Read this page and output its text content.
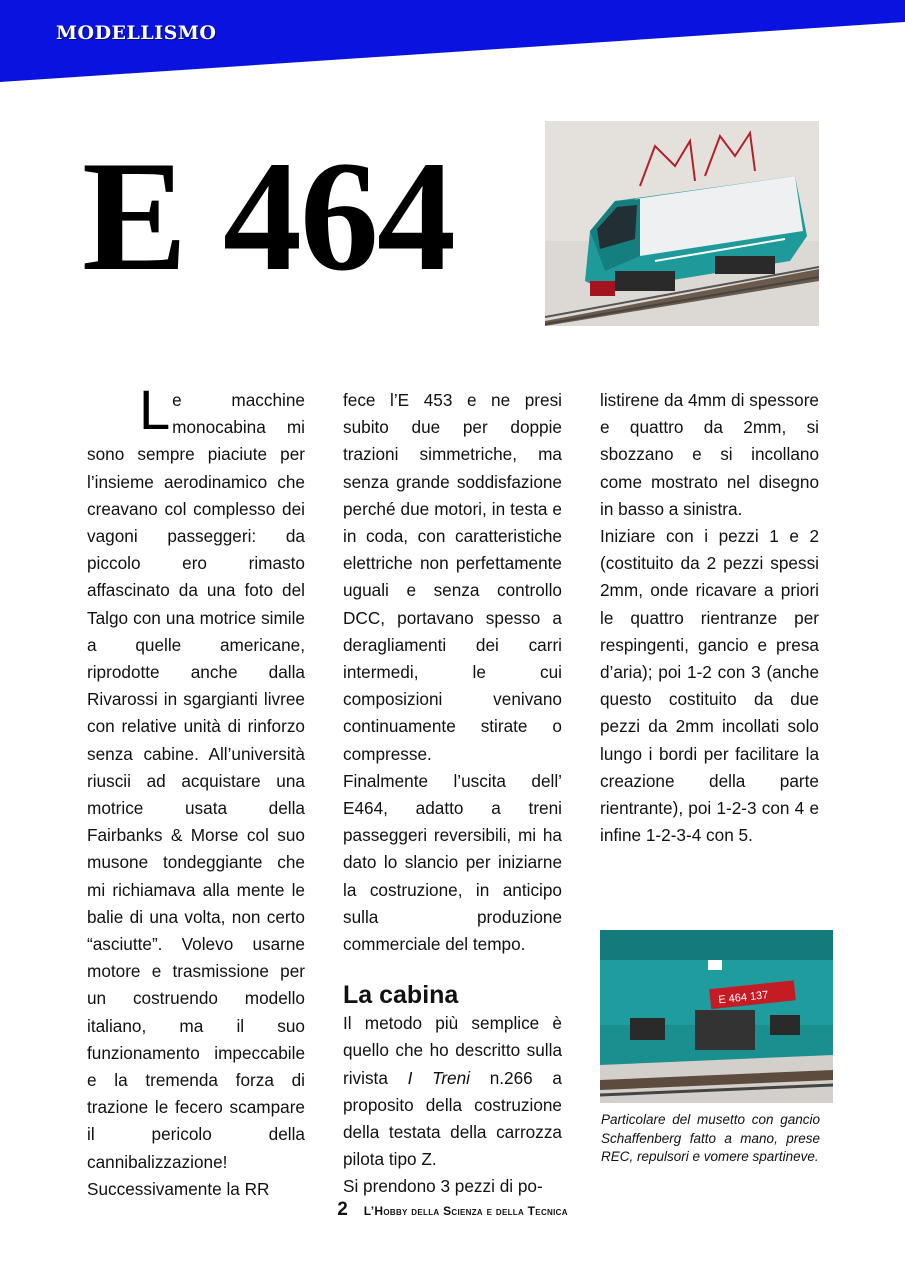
MODELLISMO
E 464

Le macchine monocabina mi sono sempre piaciute per l’insieme aerodinamico che creavano col complesso dei vagoni passeggeri: da piccolo ero rimasto affascinato da una foto del Talgo con una motrice simile a quelle americane, riprodotte anche dalla Rivarossi in sgargianti livree con relative unità di rinforzo senza cabine. All’università riuscii ad acquistare una motrice usata della Fairbanks & Morse col suo musone tondeggiante che mi richiamava alla mente le balie di una volta, non certo “asciutte”. Volevo usarne motore e trasmissione per un costruendo modello italiano, ma il suo funzionamento impeccabile e la tremenda forza di trazione le fecero scampare il pericolo della cannibalizzazione!

Successivamente la RR

fece l’E 453 e ne presi subito due per doppie trazioni simmetriche, ma senza grande soddisfazione perché due motori, in testa e in coda, con caratteristiche elettriche non perfettamente uguali e senza controllo DCC, portavano spesso a deragliamenti dei carri intermedi, le cui composizioni venivano continuamente stirate o compresse.

Finalmente l’uscita dell’ E464, adatto a treni passeggeri reversibili, mi ha dato lo slancio per iniziarne la costruzione, in anticipo sulla produzione commerciale del tempo.

La cabina

Il metodo più semplice è quello che ho descritto sulla rivista I Treni n.266 a proposito della costruzione della testata della carrozza pilota tipo Z.

Si prendono 3 pezzi di po-

listirene da 4mm di spessore e quattro da 2mm, si sbozzano e si incollano come mostrato nel disegno in basso a sinistra.

Iniziare con i pezzi 1 e 2 (costituito da 2 pezzi spessi 2mm, onde ricavare a priori le quattro rientranze per respingenti, gancio e presa d’aria); poi 1-2 con 3 (anche questo costituito da due pezzi da 2mm incollati solo lungo i bordi per facilitare la creazione della parte rientrante), poi 1-2-3 con 4 e infine 1-2-3-4 con 5.

E 464 137
Particolare del musetto con gancio Schaffenberg fatto a mano, prese REC, repulsori e vomere spartineve.
2 L’Hobby della Scienza e della Tecnica
